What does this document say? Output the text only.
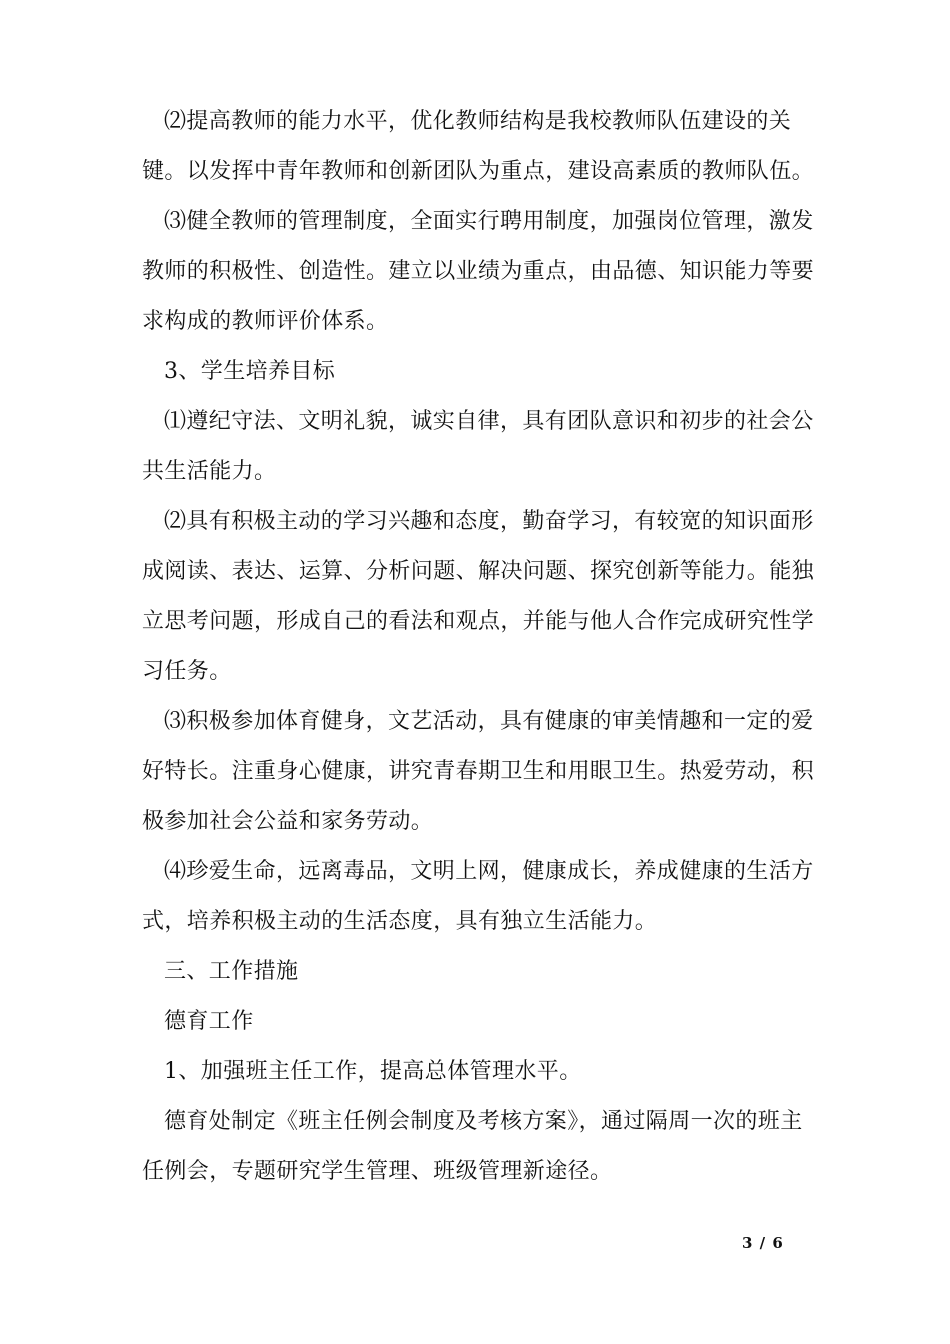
⑵提高教师的能力水平，优化教师结构是我校教师队伍建设的关键。以发挥中青年教师和创新团队为重点，建设高素质的教师队伍。

⑶健全教师的管理制度，全面实行聘用制度，加强岗位管理，激发教师的积极性、创造性。建立以业绩为重点，由品德、知识能力等要求构成的教师评价体系。

3、学生培养目标

⑴遵纪守法、文明礼貌，诚实自律，具有团队意识和初步的社会公共生活能力。

⑵具有积极主动的学习兴趣和态度，勤奋学习，有较宽的知识面形成阅读、表达、运算、分析问题、解决问题、探究创新等能力。能独立思考问题，形成自己的看法和观点，并能与他人合作完成研究性学习任务。

⑶积极参加体育健身，文艺活动，具有健康的审美情趣和一定的爱好特长。注重身心健康，讲究青春期卫生和用眼卫生。热爱劳动，积极参加社会公益和家务劳动。

⑷珍爱生命，远离毒品，文明上网，健康成长，养成健康的生活方式，培养积极主动的生活态度，具有独立生活能力。

三、工作措施

德育工作

1、加强班主任工作，提高总体管理水平。

德育处制定《班主任例会制度及考核方案》，通过隔周一次的班主任例会，专题研究学生管理、班级管理新途径。

3 / 6
